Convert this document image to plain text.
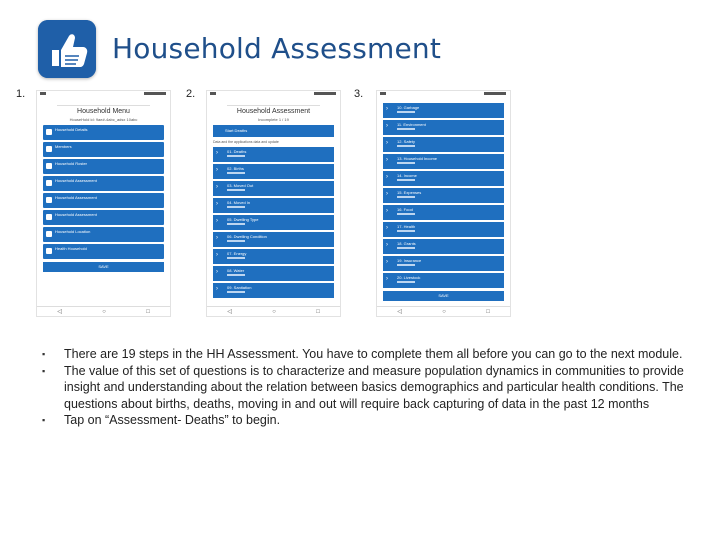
Household Assessment
1.
Household Menu
HouseHold id: 9ae#-4abc_adsx 10abc
Household Details
Members
Household Roster
Household Assessment
Household Assessment
Household Assessment
Household Location
Health Household
SAVE
◁	○	□
2.
Household Assessment
Incomplete 1 / 19
Start Deaths
Data and the applications data and update
› 01. Deaths
› 02. Births
› 03. Moved Out
› 04. Moved In
› 05. Dwelling Type
› 06. Dwelling Condition
› 07. Energy
› 08. Water
› 09. Sanitation
◁	○	□
3.
› 10. Garbage
› 11. Environment
› 12. Safety
› 13. Household Income
› 14. Income
› 15. Expenses
› 16. Food
› 17. Health
› 18. Grants
› 19. Insurance
› 20. Livestock
SAVE
◁	○	□
▪ There are 19 steps in the HH Assessment. You have to complete them all before you can go to the next module.
▪ The value of this set of questions is to characterize and measure population dynamics in communities to provide insight and understanding about the relation between basics demographics and particular health conditions. The questions about births, deaths, moving in and out will require back capturing of data in the past 12 months
▪ Tap on “Assessment- Deaths” to begin.
